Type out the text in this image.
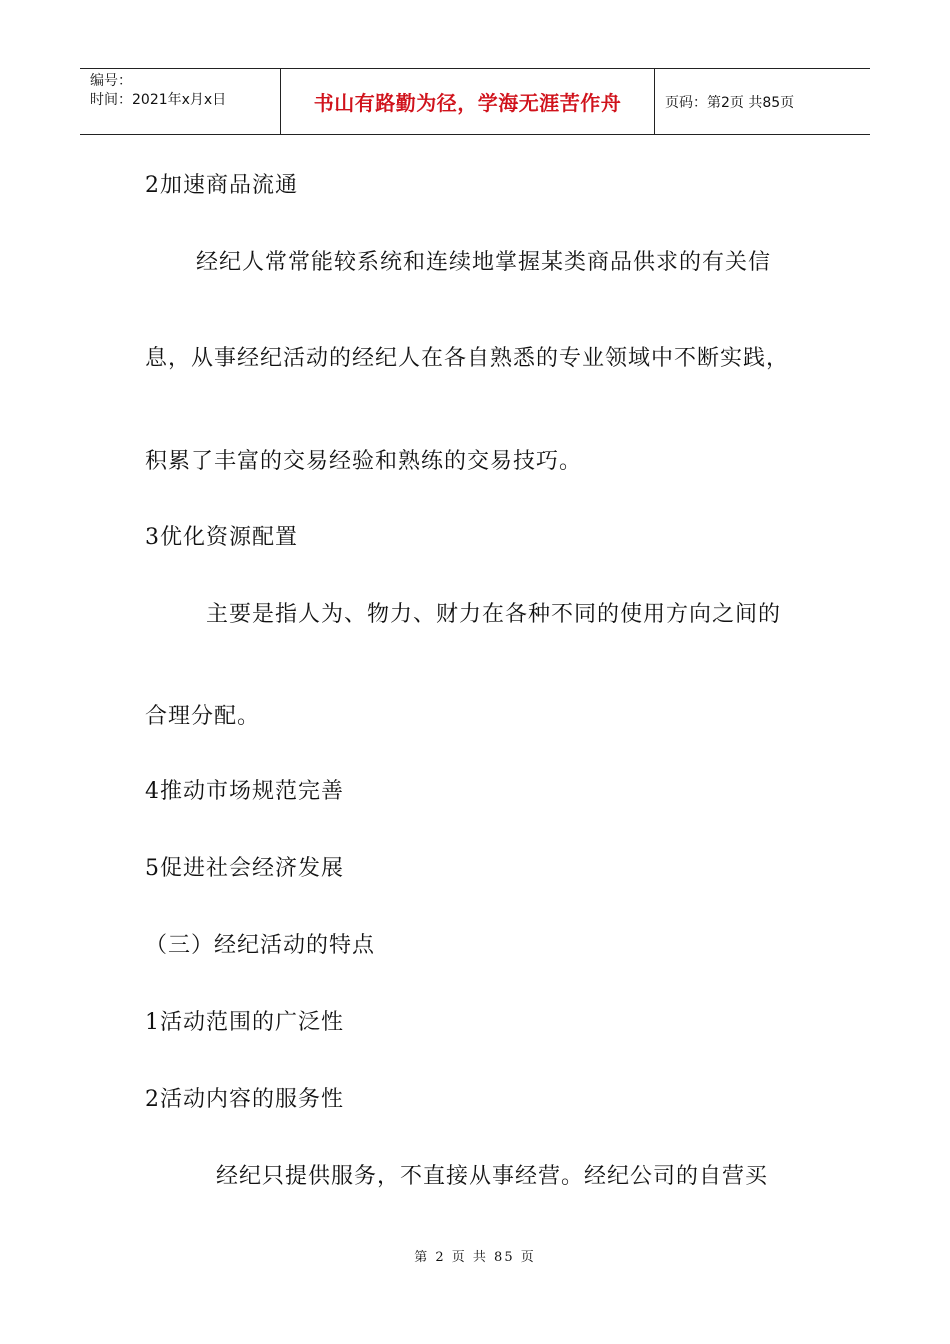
编号：
时间：2021年x月x日	书山有路勤为径，学海无涯苦作舟	页码：第2页 共85页
2加速商品流通
经纪人常常能较系统和连续地掌握某类商品供求的有关信
息，从事经纪活动的经纪人在各自熟悉的专业领域中不断实践，
积累了丰富的交易经验和熟练的交易技巧。
3优化资源配置
主要是指人为、物力、财力在各种不同的使用方向之间的
合理分配。
4推动市场规范完善
5促进社会经济发展
（三）经纪活动的特点
1活动范围的广泛性
2活动内容的服务性
经纪只提供服务，不直接从事经营。经纪公司的自营买
第 2 页 共 85 页
